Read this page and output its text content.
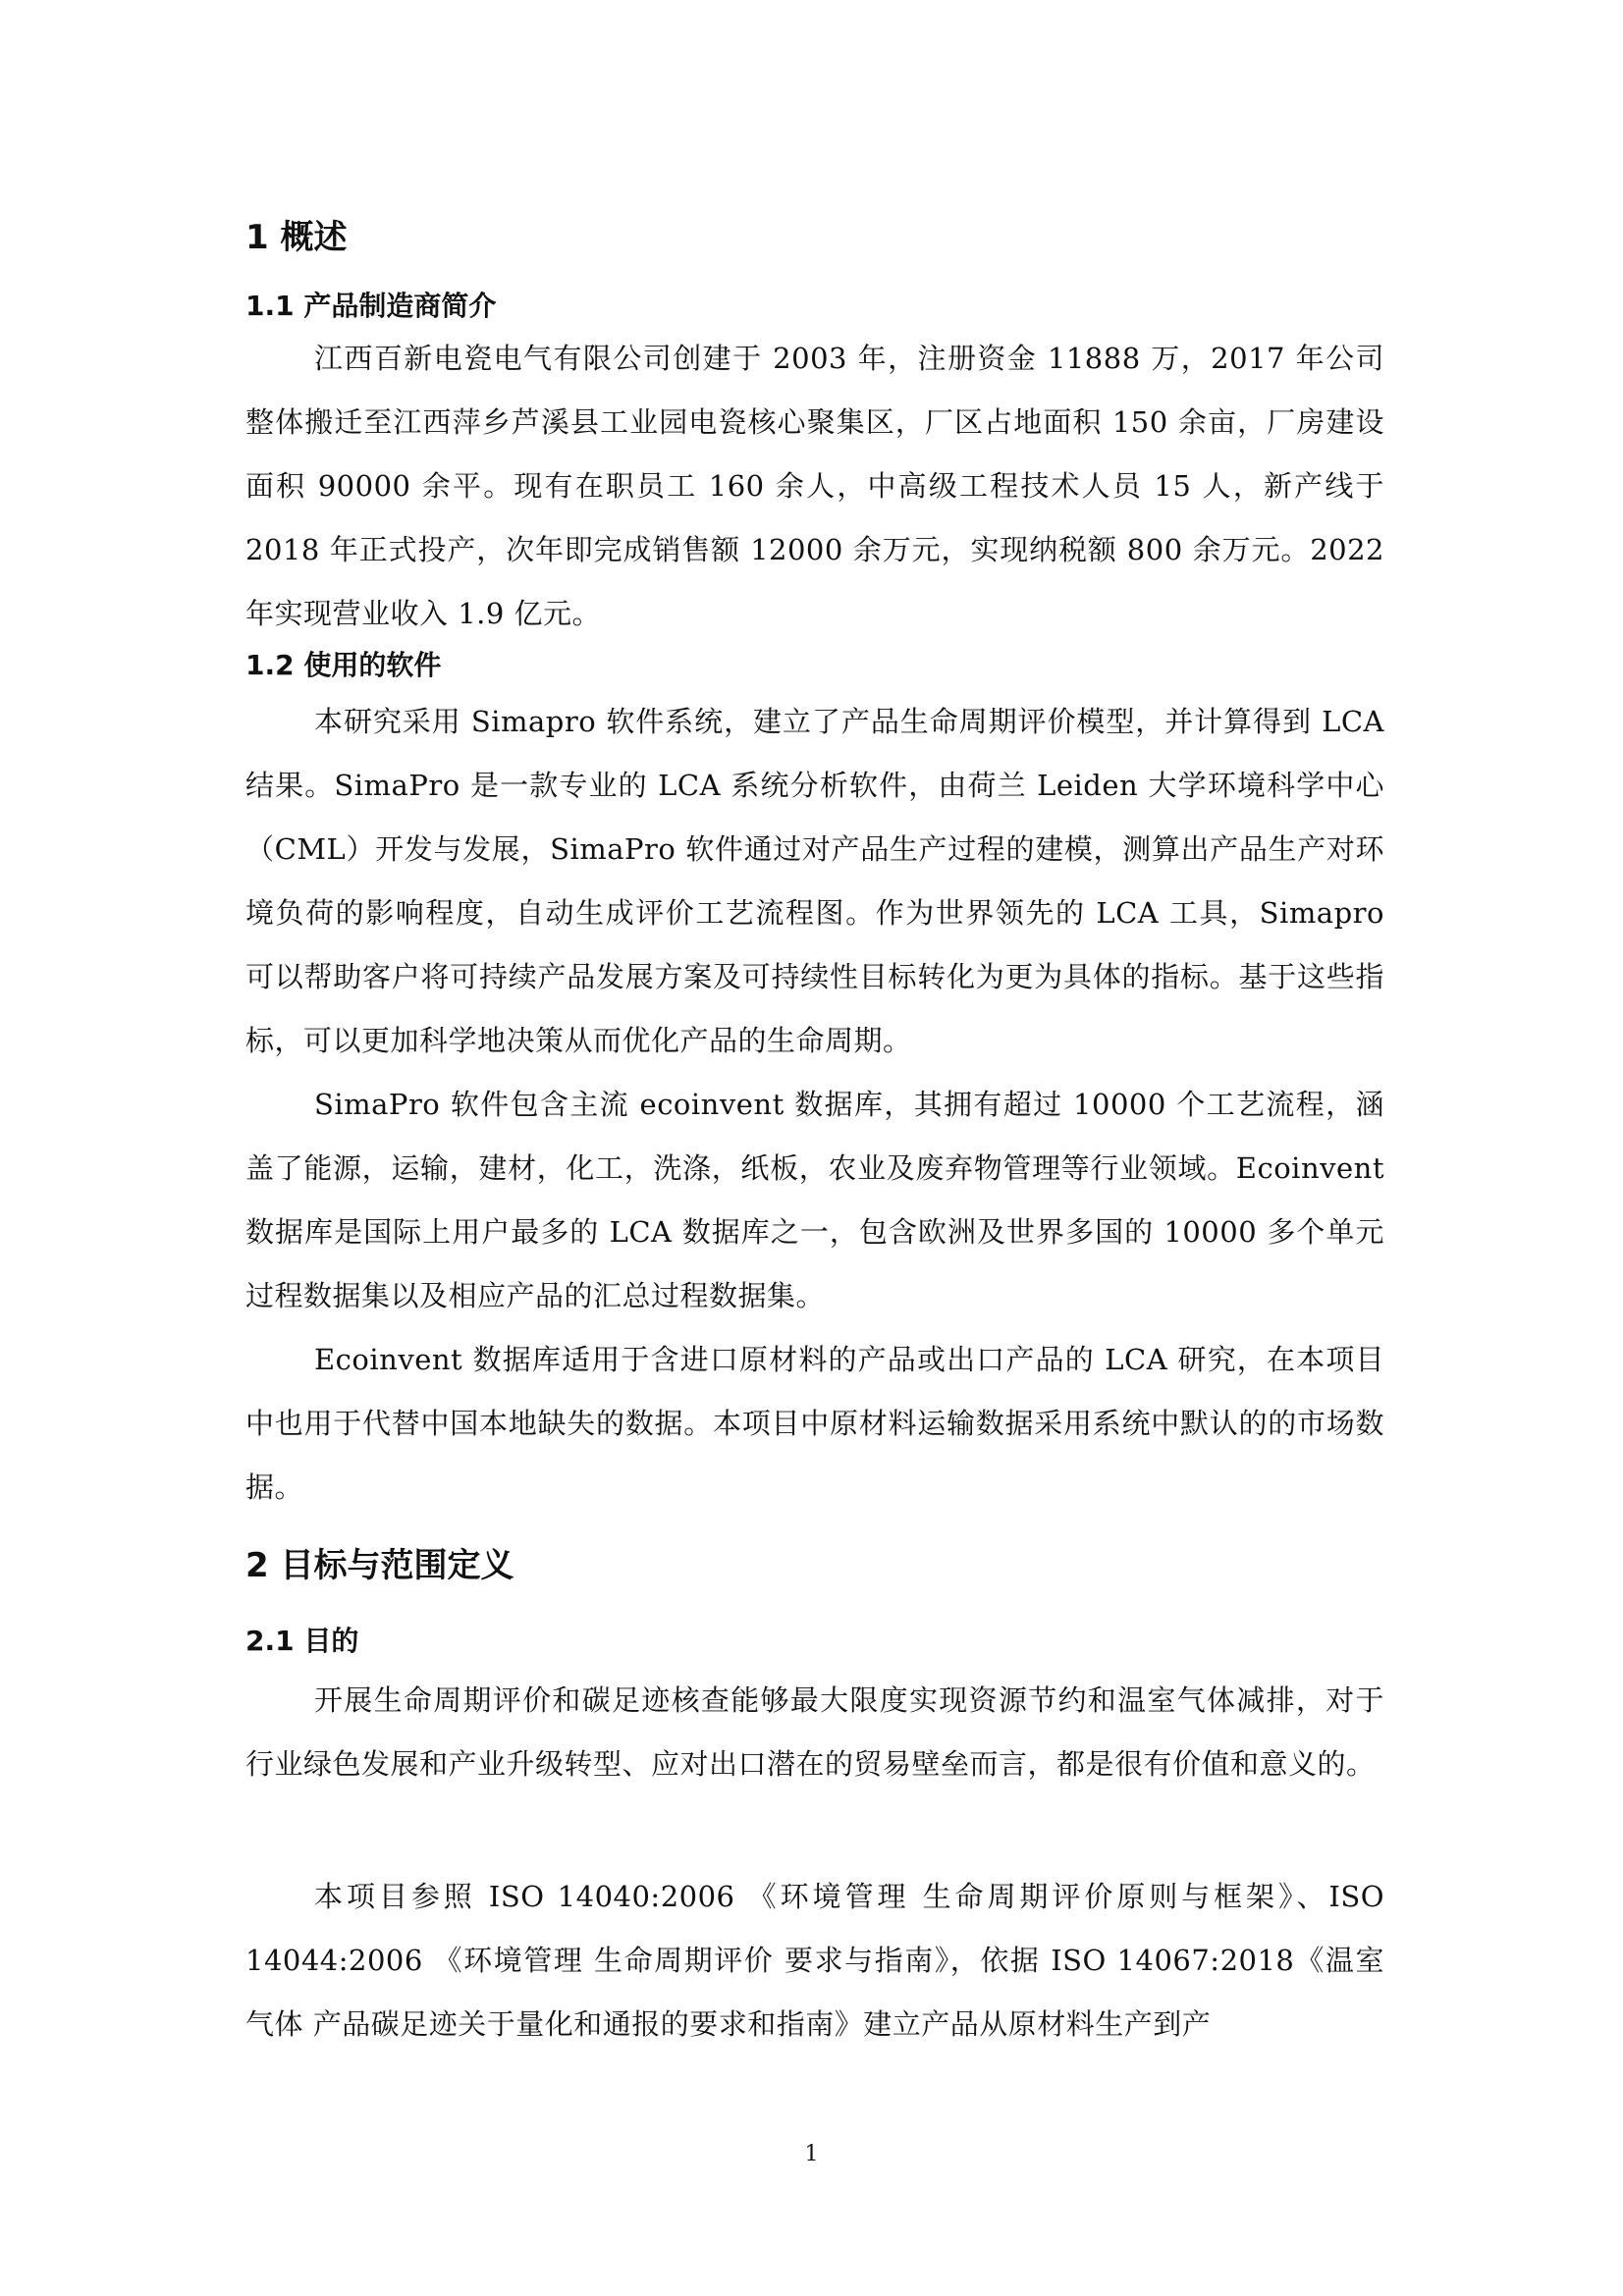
1 概述
1.1 产品制造商简介

江西百新电瓷电气有限公司创建于 2003 年，注册资金 11888 万，2017 年公司整体搬迁至江西萍乡芦溪县工业园电瓷核心聚集区，厂区占地面积 150 余亩，厂房建设面积 90000 余平。现有在职员工 160 余人，中高级工程技术人员 15 人，新产线于 2018 年正式投产，次年即完成销售额 12000 余万元，实现纳税额 800 余万元。2022 年实现营业收入 1.9 亿元。

1.2 使用的软件

本研究采用 Simapro 软件系统，建立了产品生命周期评价模型，并计算得到 LCA 结果。SimaPro 是一款专业的 LCA 系统分析软件，由荷兰 Leiden 大学环境科学中心（CML）开发与发展，SimaPro 软件通过对产品生产过程的建模，测算出产品生产对环境负荷的影响程度，自动生成评价工艺流程图。作为世界领先的 LCA 工具，Simapro 可以帮助客户将可持续产品发展方案及可持续性目标转化为更为具体的指标。基于这些指标，可以更加科学地决策从而优化产品的生命周期。

SimaPro 软件包含主流 ecoinvent 数据库，其拥有超过 10000 个工艺流程，涵盖了能源，运输，建材，化工，洗涤，纸板，农业及废弃物管理等行业领域。Ecoinvent 数据库是国际上用户最多的 LCA 数据库之一，包含欧洲及世界多国的 10000 多个单元过程数据集以及相应产品的汇总过程数据集。

Ecoinvent 数据库适用于含进口原材料的产品或出口产品的 LCA 研究，在本项目中也用于代替中国本地缺失的数据。本项目中原材料运输数据采用系统中默认的的市场数据。

2 目标与范围定义
2.1 目的

开展生命周期评价和碳足迹核查能够最大限度实现资源节约和温室气体减排，对于行业绿色发展和产业升级转型、应对出口潜在的贸易壁垒而言，都是很有价值和意义的。

本项目参照 ISO 14040:2006 《环境管理 生命周期评价原则与框架》、ISO 14044:2006 《环境管理 生命周期评价 要求与指南》，依据 ISO 14067:2018《温室气体 产品碳足迹关于量化和通报的要求和指南》建立产品从原材料生产到产

1
